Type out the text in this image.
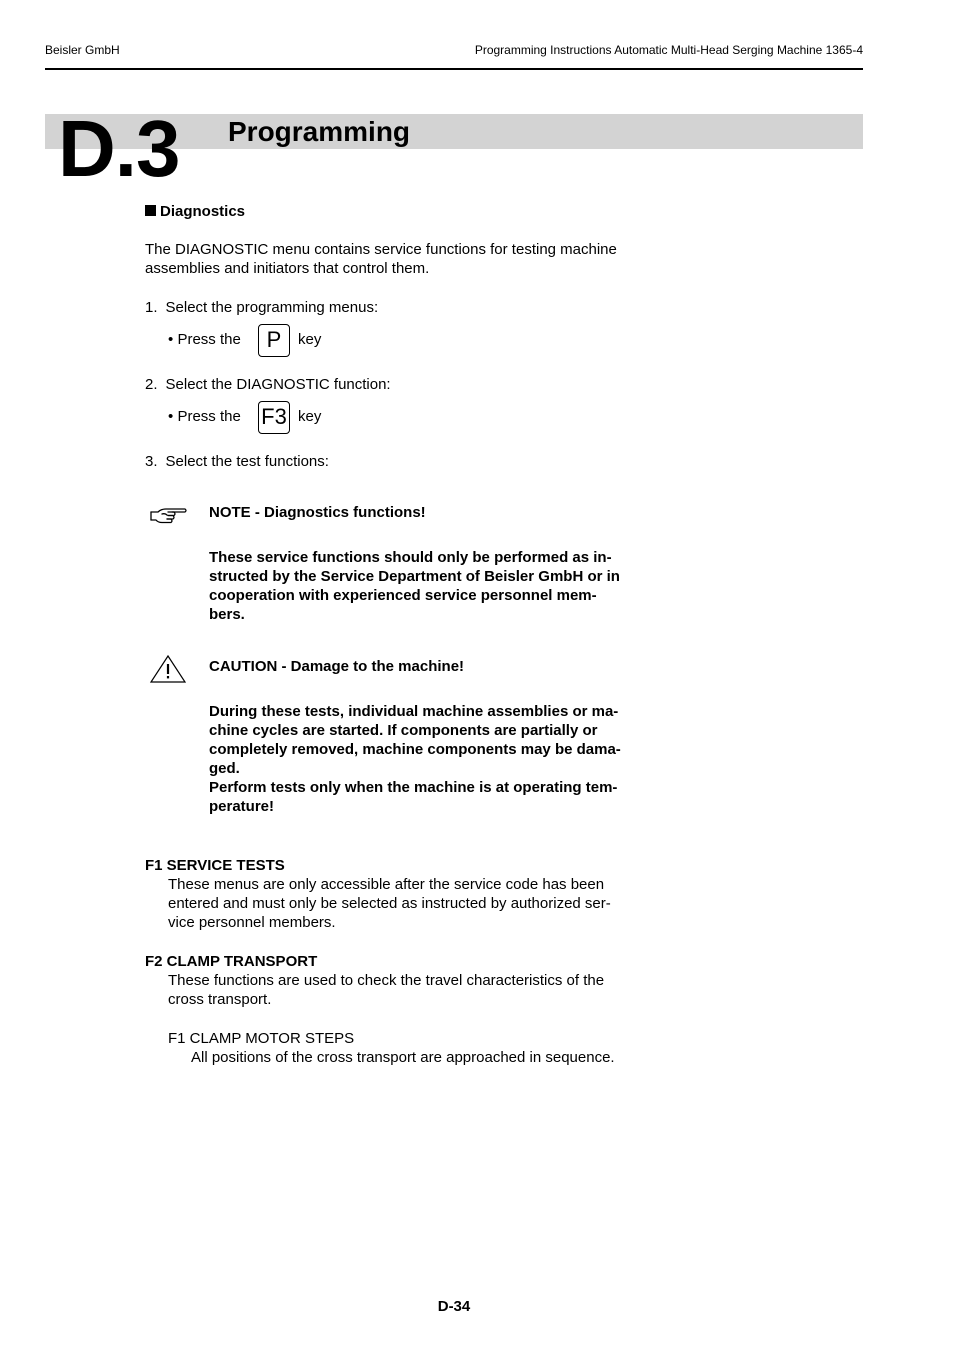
Beisler GmbH	Programming Instructions Automatic Multi-Head Serging Machine 1365-4
D.3 Programming
Diagnostics
The DIAGNOSTIC menu contains service functions for testing machine
assemblies and initiators that control them.
1. Select the programming menus:
• Press the	P	key
2. Select the DIAGNOSTIC function:
• Press the F3 key
3. Select the test functions:
NOTE - Diagnostics functions!
These service functions should only be performed as in-
structed by the Service Department of Beisler GmbH or in
cooperation with experienced service personnel mem-
bers.
CAUTION - Damage to the machine!
During these tests, individual machine assemblies or ma-
chine cycles are started. If components are partially or
completely removed, machine components may be dama-
ged.
Perform tests only when the machine is at operating tem-
perature!
F1 SERVICE TESTS
These menus are only accessible after the service code has been
entered and must only be selected as instructed by authorized ser-
vice personnel members.
F2 CLAMP TRANSPORT
These functions are used to check the travel characteristics of the
cross transport.
F1 CLAMP MOTOR STEPS
All positions of the cross transport are approached in sequence.
D-34
